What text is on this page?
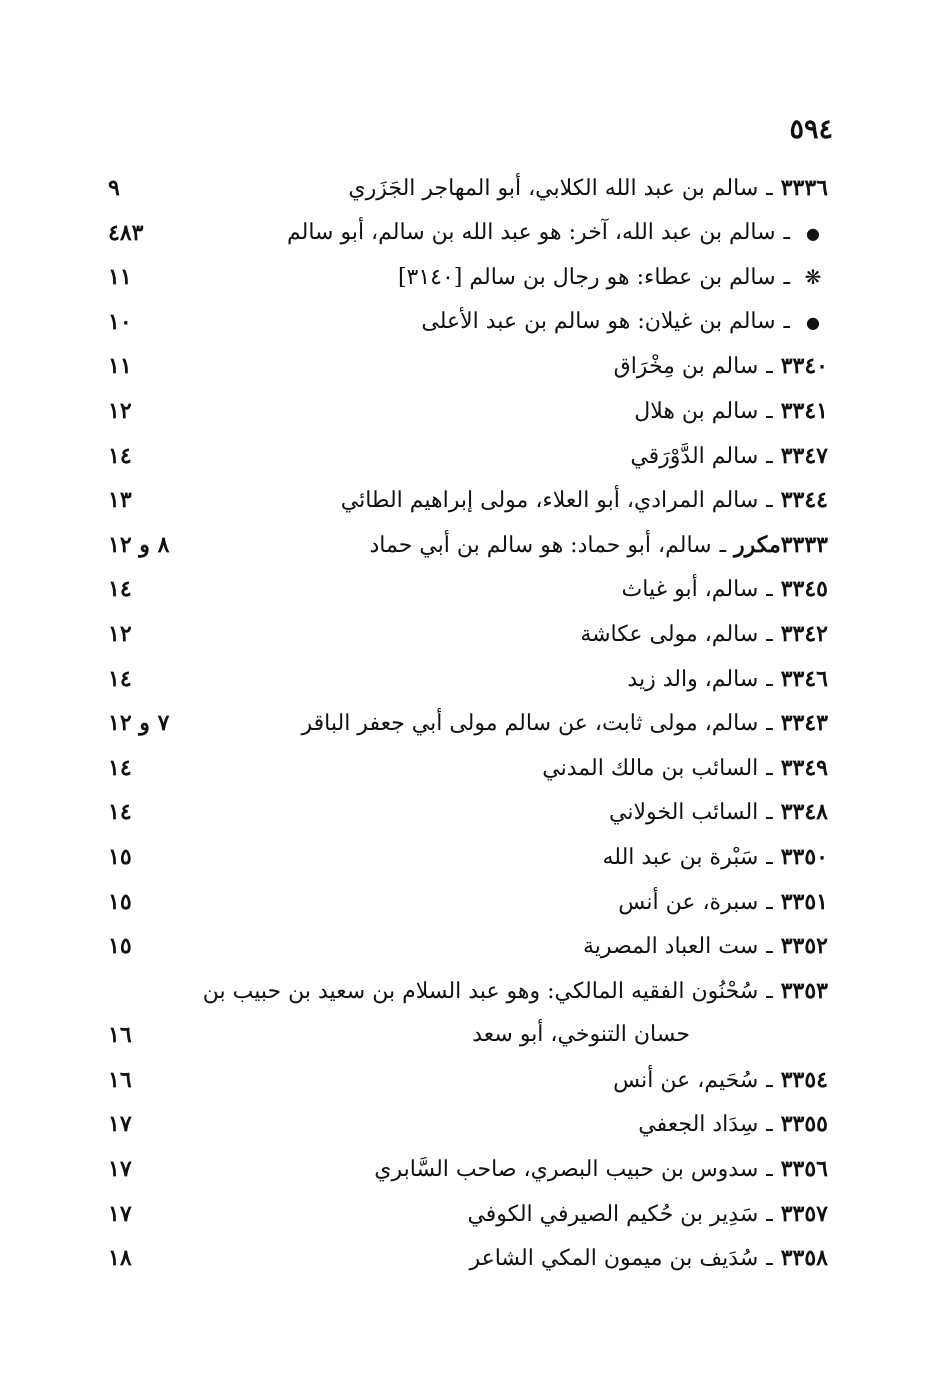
٥٩٤
٣٣٣٦ـسالم بن عبد الله الكلابي، أبو المهاجر الجَزَري
٩
●ـسالم بن عبد الله، آخر: هو عبد الله بن سالم، أبو سالم
٤٨٣
❋ـسالم بن عطاء: هو رجال بن سالم [٣١٤٠]
١١
●ـسالم بن غيلان: هو سالم بن عبد الأعلى
١٠
٣٣٤٠ـسالم بن مِخْرَاق
١١
٣٣٤١ـسالم بن هلال
١٢
٣٣٤٧ـسالم الدَّوْرَقي
١٤
٣٣٤٤ـسالم المرادي، أبو العلاء، مولى إبراهيم الطائي
١٣
٣٣٣٣مكررـسالم، أبو حماد: هو سالم بن أبي حماد
٨ و ١٢
٣٣٤٥ـسالم، أبو غياث
١٤
٣٣٤٢ـسالم، مولى عكاشة
١٢
٣٣٤٦ـسالم، والد زيد
١٤
٣٣٤٣ـسالم، مولى ثابت، عن سالم مولى أبي جعفر الباقر
٧ و ١٢
٣٣٤٩ـالسائب بن مالك المدني
١٤
٣٣٤٨ـالسائب الخولاني
١٤
٣٣٥٠ـسَبْرة بن عبد الله
١٥
٣٣٥١ـسبرة، عن أنس
١٥
٣٣٥٢ـست العباد المصرية
١٥
٣٣٥٣ـسُحْنُون الفقيه المالكي: وهو عبد السلام بن سعيد بن حبيب بن
حسان التنوخي، أبو سعد
١٦
٣٣٥٤ـسُحَيم، عن أنس
١٦
٣٣٥٥ـسِدَاد الجعفي
١٧
٣٣٥٦ـسدوس بن حبيب البصري، صاحب السَّابري
١٧
٣٣٥٧ـسَدِير بن حُكيم الصيرفي الكوفي
١٧
٣٣٥٨ـسُدَيف بن ميمون المكي الشاعر
١٨
